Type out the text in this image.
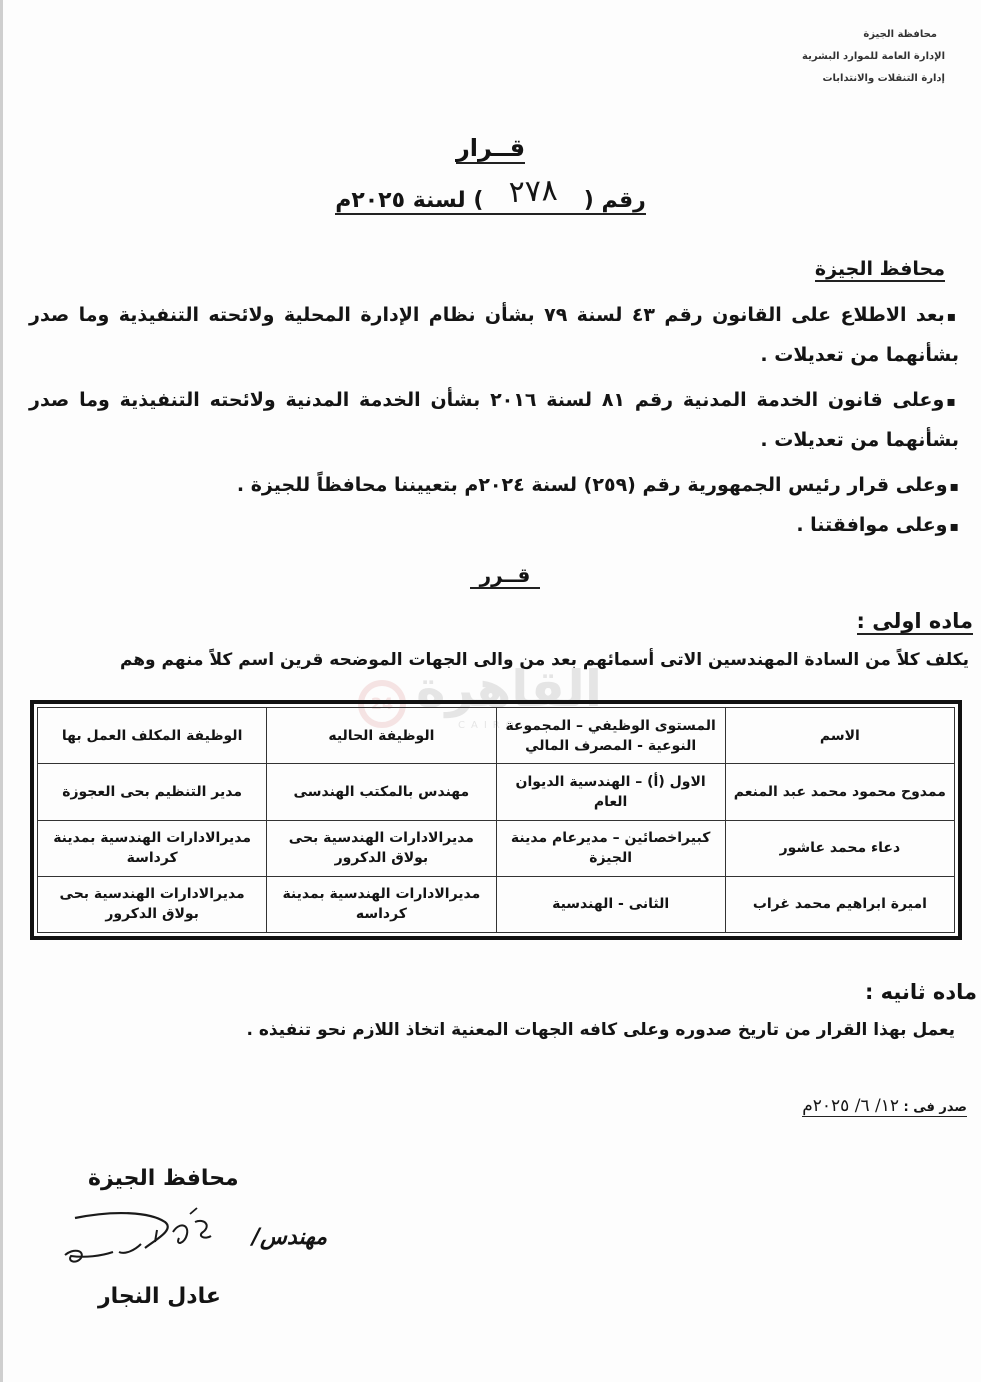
محافظة الجيزة
الإدارة العامة للموارد البشرية
إدارة التنقلات والانتدابات
قــرار
رقم (٢٧٨) لسنة ٢٠٢٥م
محافظ الجيزة
▪بعد الاطلاع على القانون رقم ٤٣ لسنة ٧٩ بشأن نظام الإدارة المحلية ولائحته التنفيذية وما صدر بشأنهما من تعديلات .
▪وعلى قانون الخدمة المدنية رقم ٨١ لسنة ٢٠١٦ بشأن الخدمة المدنية ولائحته التنفيذية وما صدر بشأنهما من تعديلات .
▪وعلى قرار رئيس الجمهورية رقم (٢٥٩) لسنة ٢٠٢٤م بتعييننا محافظاً للجيزة .
▪وعلى موافقتنا .
قــرر
ماده اولى :
يكلف كلاً من السادة المهندسين الاتى أسمائهم بعد من والى الجهات الموضحه قرين اسم كلاً منهم وهم
24 القاهرة
CAIRO
الاسم	المستوى الوظيفي – المجموعة النوعية - المصرف المالي	الوظيفة الحاليه	الوظيفة المكلف العمل بها
ممدوح محمود محمد عبد المنعم	الاول (أ) – الهندسية الديوان العام	مهندس بالمكتب الهندسى	مدير التنظيم بحى العجوزة
دعاء محمد عاشور	كبيراخصائين – مديرعام مدينة الجيزة	مديرالادارات الهندسية بحى بولاق الدكرور	مديرالادارات الهندسية بمدينة كرداسة
اميرة ابراهيم محمد غراب	الثانى - الهندسية	مديرالادارات الهندسية بمدينة كرداسه	مديرالادارات الهندسية بحى بولاق الدكرور
ماده ثانيه :
يعمل بهذا القرار من تاريخ صدوره وعلى كافه الجهات المعنية اتخاذ اللازم نحو تنفيذه .
صدر فى : ١٢/ ٦/ ٢٠٢٥م
محافظ الجيزة
مهندس/
عادل النجار
